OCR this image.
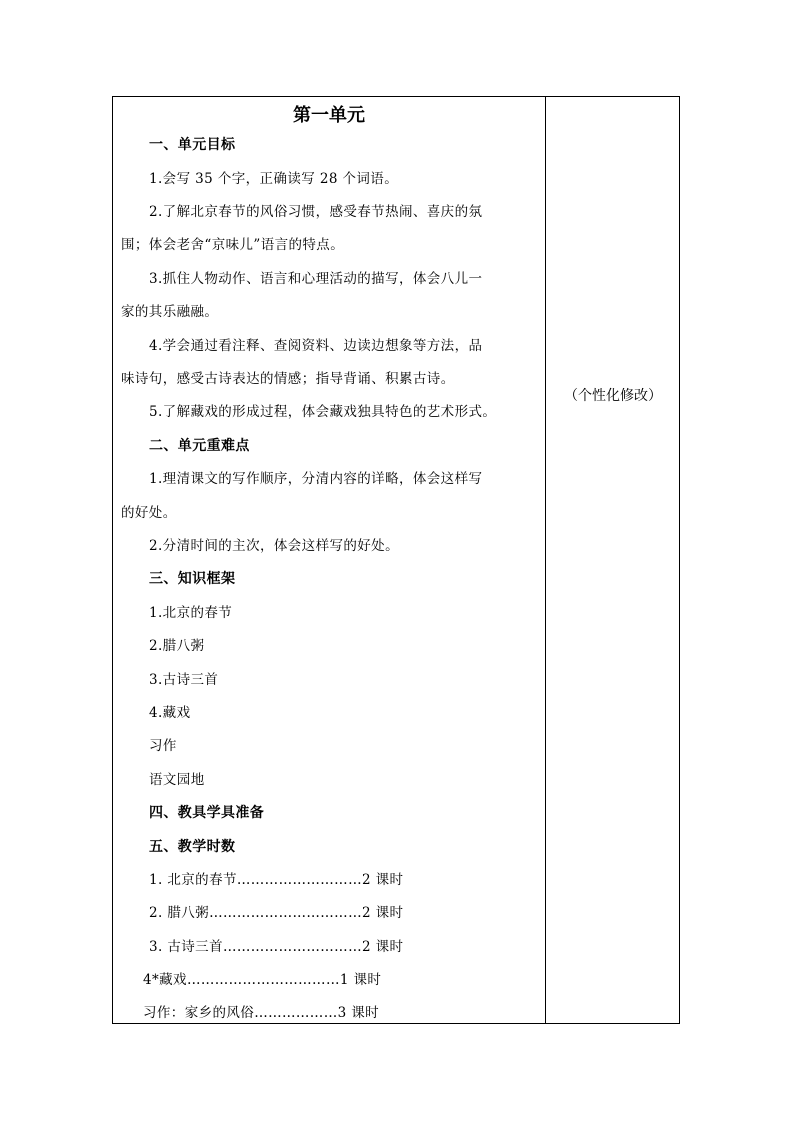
第一单元
一、单元目标
1.会写 35 个字，正确读写 28 个词语。
2.了解北京春节的风俗习惯，感受春节热闹、喜庆的氛
围；体会老舍“京味儿”语言的特点。
3.抓住人物动作、语言和心理活动的描写，体会八儿一
家的其乐融融。
4.学会通过看注释、查阅资料、边读边想象等方法，品
味诗句，感受古诗表达的情感；指导背诵、积累古诗。
5.了解藏戏的形成过程，体会藏戏独具特色的艺术形式。
二、单元重难点
1.理清课文的写作顺序，分清内容的详略，体会这样写
的好处。
2.分清时间的主次，体会这样写的好处。
三、知识框架
1.北京的春节
2.腊八粥
3.古诗三首
4.藏戏
习作
语文园地
四、教具学具准备
五、教学时数
1. 北京的春节………………………2 课时
2. 腊八粥……………………………2 课时
3. 古诗三首…………………………2 课时
4*藏戏……………………………1 课时
习作：家乡的风俗………………3 课时
（个性化修改）
